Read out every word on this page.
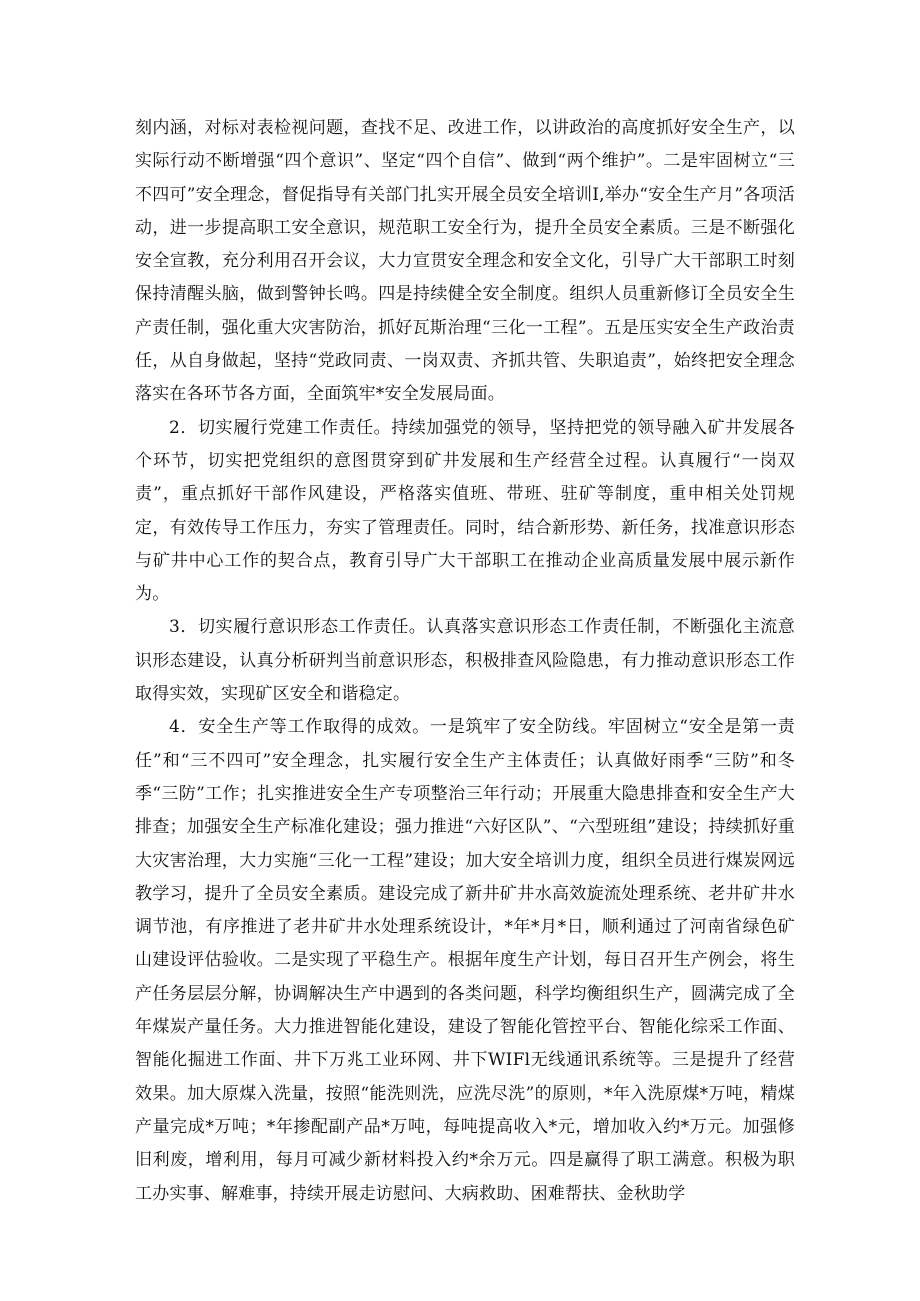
刻内涵，对标对表检视问题，查找不足、改进工作，以讲政治的高度抓好安全生产，以实际行动不断增强“四个意识”、坚定“四个自信”、做到“两个维护”。二是牢固树立“三不四可”安全理念，督促指导有关部门扎实开展全员安全培训I,举办“安全生产月”各项活动，进一步提高职工安全意识，规范职工安全行为，提升全员安全素质。三是不断强化安全宣教，充分利用召开会议，大力宣贯安全理念和安全文化，引导广大干部职工时刻保持清醒头脑，做到警钟长鸣。四是持续健全安全制度。组织人员重新修订全员安全生产责任制，强化重大灾害防治，抓好瓦斯治理“三化一工程”。五是压实安全生产政治责任，从自身做起，坚持“党政同责、一岗双责、齐抓共管、失职追责”，始终把安全理念落实在各环节各方面，全面筑牢*安全发展局面。

2．切实履行党建工作责任。持续加强党的领导，坚持把党的领导融入矿井发展各个环节，切实把党组织的意图贯穿到矿井发展和生产经营全过程。认真履行“一岗双责”，重点抓好干部作风建设，严格落实值班、带班、驻矿等制度，重申相关处罚规定，有效传导工作压力，夯实了管理责任。同时，结合新形势、新任务，找准意识形态与矿井中心工作的契合点，教育引导广大干部职工在推动企业高质量发展中展示新作为。

3．切实履行意识形态工作责任。认真落实意识形态工作责任制，不断强化主流意识形态建设，认真分析研判当前意识形态，积极排查风险隐患，有力推动意识形态工作取得实效，实现矿区安全和谐稳定。

4．安全生产等工作取得的成效。一是筑牢了安全防线。牢固树立“安全是第一责任”和“三不四可”安全理念，扎实履行安全生产主体责任；认真做好雨季“三防”和冬季“三防”工作；扎实推进安全生产专项整治三年行动；开展重大隐患排查和安全生产大排查；加强安全生产标准化建设；强力推进“六好区队”、“六型班组”建设；持续抓好重大灾害治理，大力实施“三化一工程”建设；加大安全培训力度，组织全员进行煤炭网远教学习，提升了全员安全素质。建设完成了新井矿井水高效旋流处理系统、老井矿井水调节池，有序推进了老井矿井水处理系统设计，*年*月*日，顺利通过了河南省绿色矿山建设评估验收。二是实现了平稳生产。根据年度生产计划，每日召开生产例会，将生产任务层层分解，协调解决生产中遇到的各类问题，科学均衡组织生产，圆满完成了全年煤炭产量任务。大力推进智能化建设，建设了智能化管控平台、智能化综采工作面、智能化掘进工作面、井下万兆工业环网、井下WIFl无线通讯系统等。三是提升了经营效果。加大原煤入洗量，按照“能洗则洗，应洗尽洗”的原则，*年入洗原煤*万吨，精煤产量完成*万吨；*年掺配副产品*万吨，每吨提高收入*元，增加收入约*万元。加强修旧利废，增利用，每月可减少新材料投入约*余万元。四是赢得了职工满意。积极为职工办实事、解难事，持续开展走访慰问、大病救助、困难帮扶、金秋助学
